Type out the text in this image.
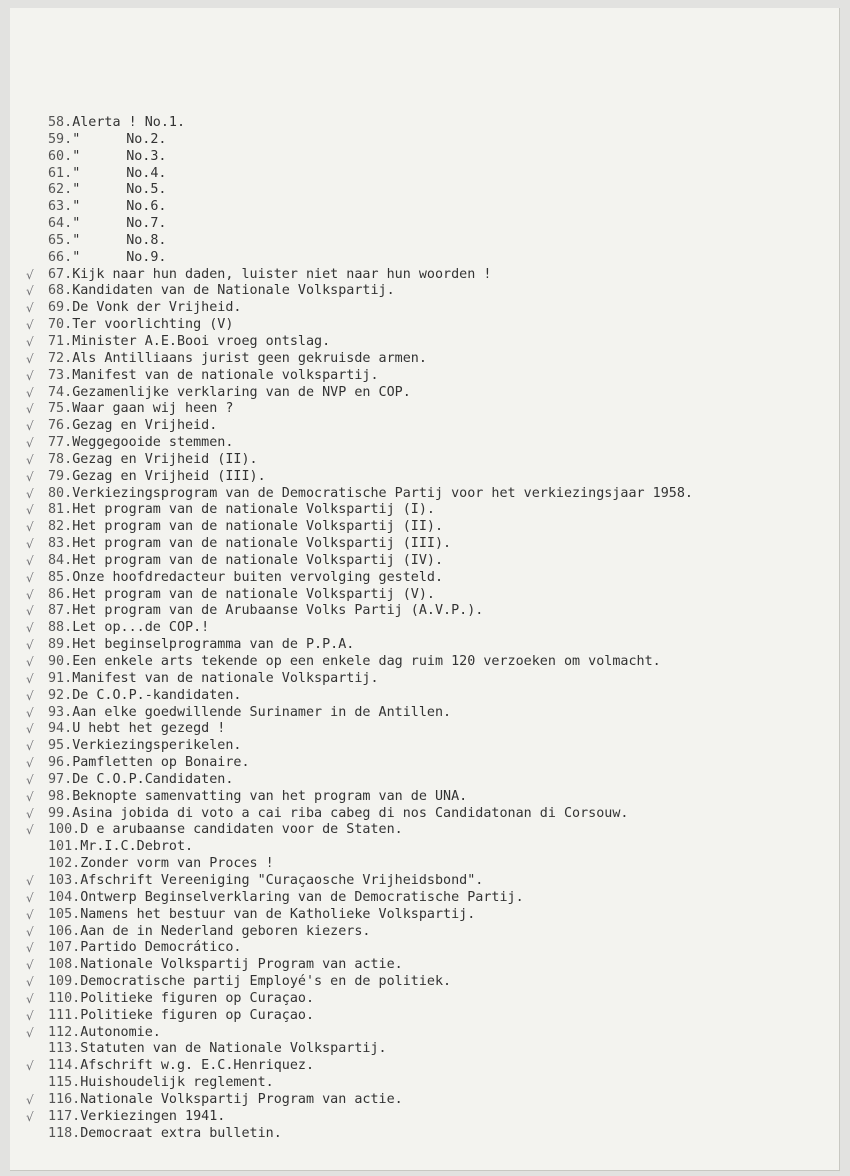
58.Alerta ! No.1.
59."	No.2.
60."	No.3.
61."	No.4.
62."	No.5.
63."	No.6.
64."	No.7.
65."	No.8.
66."	No.9.
√	67.Kijk naar hun daden, luister niet naar hun woorden !
√	68.Kandidaten van de Nationale Volkspartij.
√	69.De Vonk der Vrijheid.
√	70.Ter voorlichting (V)
√	71.Minister A.E.Booi vroeg ontslag.
√	72.Als Antilliaans jurist geen gekruisde armen.
√	73.Manifest van de nationale volkspartij.
√	74.Gezamenlijke verklaring van de NVP en COP.
√	75.Waar gaan wij heen ?
√	76.Gezag en Vrijheid.
√	77.Weggegooide stemmen.
√	78.Gezag en Vrijheid (II).
√	79.Gezag en Vrijheid (III).
√	80.Verkiezingsprogram van de Democratische Partij voor het verkiezingsjaar 1958.
√	81.Het program van de nationale Volkspartij (I).
√	82.Het program van de nationale Volkspartij (II).
√	83.Het program van de nationale Volkspartij (III).
√	84.Het program van de nationale Volkspartij (IV).
√	85.Onze hoofdredacteur buiten vervolging gesteld.
√	86.Het program van de nationale Volkspartij (V).
√	87.Het program van de Arubaanse Volks Partij (A.V.P.).
√	88.Let op...de COP.!
√	89.Het beginselprogramma van de P.P.A.
√	90.Een enkele arts tekende op een enkele dag ruim 120 verzoeken om volmacht.
√	91.Manifest van de nationale Volkspartij.
√	92.De C.O.P.-kandidaten.
√	93.Aan elke goedwillende Surinamer in de Antillen.
√	94.U hebt het gezegd !
√	95.Verkiezingsperikelen.
√	96.Pamfletten op Bonaire.
√	97.De C.O.P.Candidaten.
√	98.Beknopte samenvatting van het program van de UNA.
√	99.Asina jobida di voto a cai riba cabeg di nos Candidatonan di Corsouw.
√	100.D e arubaanse candidaten voor de Staten.
101.Mr.I.C.Debrot.
102.Zonder vorm van Proces !
√	103.Afschrift Vereeniging "Curaçaosche Vrijheidsbond".
√	104.Ontwerp Beginselverklaring van de Democratische Partij.
√	105.Namens het bestuur van de Katholieke Volkspartij.
√	106.Aan de in Nederland geboren kiezers.
√	107.Partido Democrático.
√	108.Nationale Volkspartij Program van actie.
√	109.Democratische partij Employé's en de politiek.
√	110.Politieke figuren op Curaçao.
√	111.Politieke figuren op Curaçao.
√	112.Autonomie.
113.Statuten van de Nationale Volkspartij.
√	114.Afschrift w.g. E.C.Henriquez.
115.Huishoudelijk reglement.
√	116.Nationale Volkspartij Program van actie.
√	117.Verkiezingen 1941.
118.Democraat extra bulletin.
